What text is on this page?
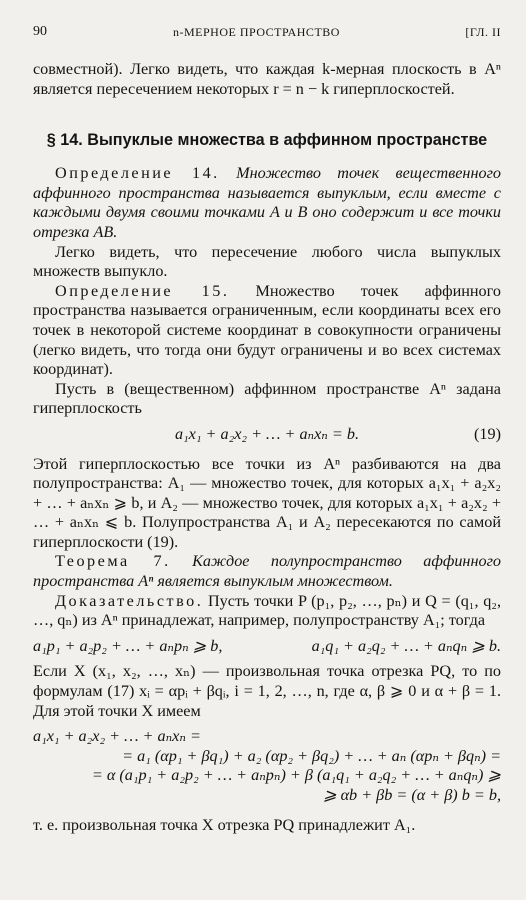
90	n-МЕРНОЕ ПРОСТРАНСТВО	[ГЛ. II

совместной). Легко видеть, что каждая k-мерная плоскость в Aⁿ является пересечением некоторых r = n − k гиперплоскостей.

§ 14. Выпуклые множества в аффинном пространстве

Определение 14. Множество точек вещественного аффинного пространства называется выпуклым, если вместе с каждыми двумя своими точками A и B оно содержит и все точки отрезка AB.

Легко видеть, что пересечение любого числа выпуклых множеств выпукло.

Определение 15. Множество точек аффинного пространства называется ограниченным, если координаты всех его точек в некоторой системе координат в совокупности ограничены (легко видеть, что тогда они будут ограничены и во всех системах координат).

Пусть в (вещественном) аффинном пространстве Aⁿ задана гиперплоскость

a₁x₁ + a₂x₂ + … + aₙxₙ = b.	(19)

Этой гиперплоскостью все точки из Aⁿ разбиваются на два полупространства: A₁ — множество точек, для которых a₁x₁ + a₂x₂ + … + aₙxₙ ⩾ b, и A₂ — множество точек, для которых a₁x₁ + a₂x₂ + … + aₙxₙ ⩽ b. Полупространства A₁ и A₂ пересекаются по самой гиперплоскости (19).

Теорема 7. Каждое полупространство аффинного пространства Aⁿ является выпуклым множеством.

Доказательство. Пусть точки P (p₁, p₂, …, pₙ) и Q = (q₁, q₂, …, qₙ) из Aⁿ принадлежат, например, полупространству A₁; тогда

a₁p₁ + a₂p₂ + … + aₙpₙ ⩾ b,	a₁q₁ + a₂q₂ + … + aₙqₙ ⩾ b.

Если X (x₁, x₂, …, xₙ) — произвольная точка отрезка PQ, то по формулам (17) xᵢ = αpᵢ + βqᵢ, i = 1, 2, …, n, где α, β ⩾ 0 и α + β = 1. Для этой точки X имеем

a₁x₁ + a₂x₂ + … + aₙxₙ =
= a₁ (αp₁ + βq₁) + a₂ (αp₂ + βq₂) + … + aₙ (αpₙ + βqₙ) =
= α (a₁p₁ + a₂p₂ + … + aₙpₙ) + β (a₁q₁ + a₂q₂ + … + aₙqₙ) ⩾
⩾ αb + βb = (α + β) b = b,

т. е. произвольная точка X отрезка PQ принадлежит A₁.
